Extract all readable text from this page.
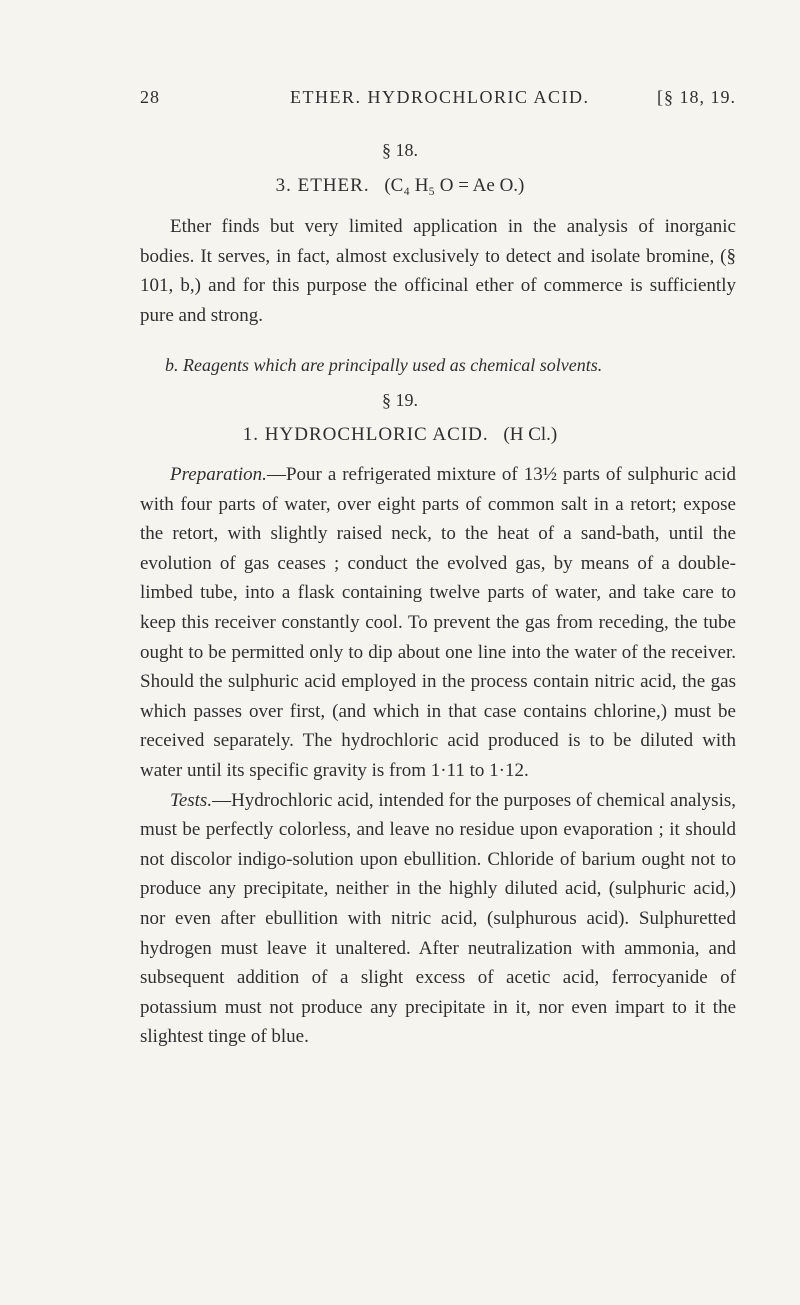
28	ETHER. HYDROCHLORIC ACID.	[§ 18, 19.
§ 18.
3. ETHER. (C₄ H₅ O = Ae O.)

Ether finds but very limited application in the analysis of inorganic bodies. It serves, in fact, almost exclusively to detect and isolate bromine, (§ 101, b,) and for this purpose the officinal ether of commerce is sufficiently pure and strong.

b. Reagents which are principally used as chemical solvents.
§ 19.
1. HYDROCHLORIC ACID. (H Cl.)

Preparation.—Pour a refrigerated mixture of 13½ parts of sulphuric acid with four parts of water, over eight parts of common salt in a retort; expose the retort, with slightly raised neck, to the heat of a sand-bath, until the evolution of gas ceases ; conduct the evolved gas, by means of a double-limbed tube, into a flask containing twelve parts of water, and take care to keep this receiver constantly cool. To prevent the gas from receding, the tube ought to be permitted only to dip about one line into the water of the receiver. Should the sulphuric acid employed in the process contain nitric acid, the gas which passes over first, (and which in that case contains chlorine,) must be received separately. The hydrochloric acid produced is to be diluted with water until its specific gravity is from 1·11 to 1·12.

Tests.—Hydrochloric acid, intended for the purposes of chemical analysis, must be perfectly colorless, and leave no residue upon evaporation ; it should not discolor indigo-solution upon ebullition. Chloride of barium ought not to produce any precipitate, neither in the highly diluted acid, (sulphuric acid,) nor even after ebullition with nitric acid, (sulphurous acid). Sulphuretted hydrogen must leave it unaltered. After neutralization with ammonia, and subsequent addition of a slight excess of acetic acid, ferrocyanide of potassium must not produce any precipitate in it, nor even impart to it the slightest tinge of blue.
